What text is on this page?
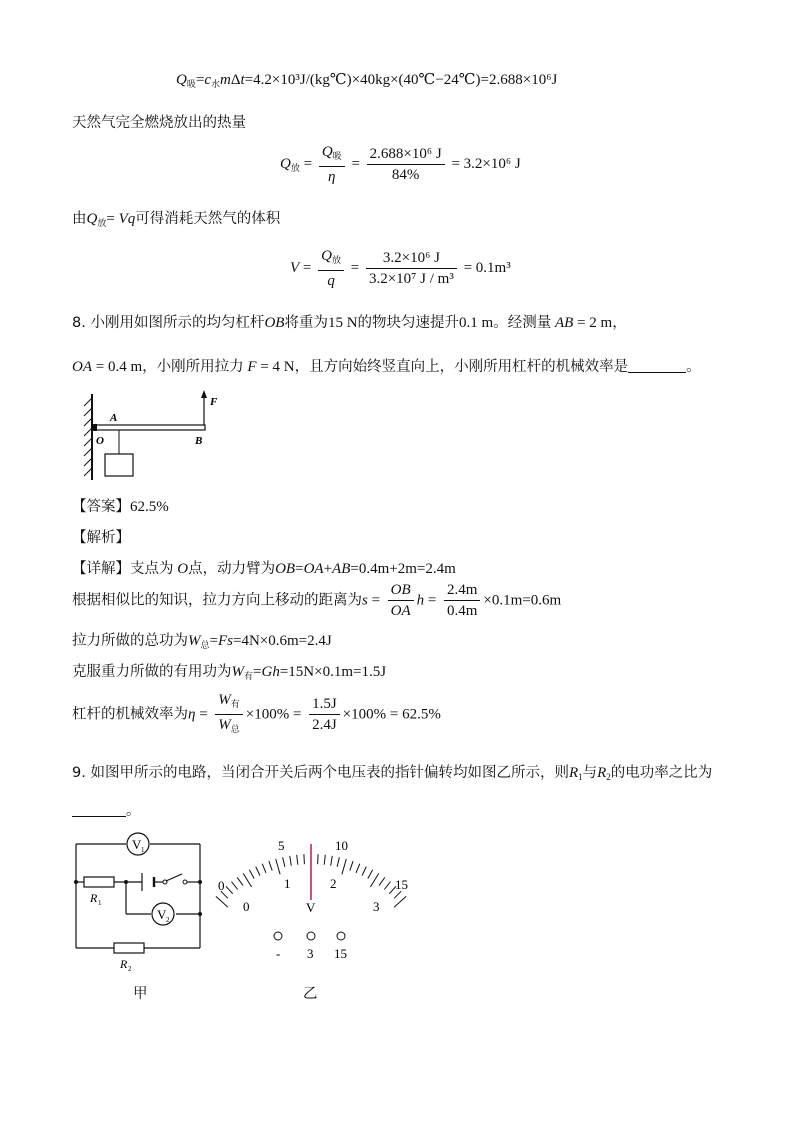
$Q_吸=c_水m\Delta t=4.2\times 10^3J/(kg℃)\times 40kg\times(40℃-24℃)=2.688\times 10^6J$
天然气完全燃烧放出的热量
$Q_放 = \frac{Q_吸}{\eta} = \frac{\text{2.688×10⁶ J}}{84\%} = 3.2\times 10^6$ J
由$Q_放= Vq$可得消耗天然气的体积
$V = \frac{Q_放}{q} = \frac{\text{3.2×10⁶ J}}{\text{3.2×10⁷ J / m³}} = 0.1m^3$
8. 小刚用如图所示的均匀杠杆OB将重为15 N的物块匀速提升0.1 m。经测量 AB = 2 m，
OA = 0.4 m，小刚所用拉力 F = 4 N，且方向始终竖直向上，小刚所用杠杆的机械效率是	。
A
O	B
F
【答案】62.5%
【解析】
【详解】支点为 O点，动力臂为OB=OA+AB=0.4m+2m=2.4m
根据相似比的知识，拉力方向上移动的距离为$s = \frac{OB}{OA}$ $h = \frac{2.4m}{0.4m} \times 0.1m=0.6m$
拉力所做的总功为$W_总=Fs=4N\times 0.6m=2.4J$
克服重力所做的有用功为$W_有=Gh=15N\times 0.1m=1.5J$
杠杆的机械效率为$\eta = \frac{W_有}{W_总} \times 100\% = \frac{1.5J}{2.4J} \times 100\% = 62.5\%$
9. 如图甲所示的电路，当闭合开关后两个电压表的指针偏转均如图乙所示，则$R_1$与$R_2$的电功率之比为
。
V 1
R 1
V 2
R 2
0
5	10
15
0
1	2
3
V
- 3 15
甲	乙
